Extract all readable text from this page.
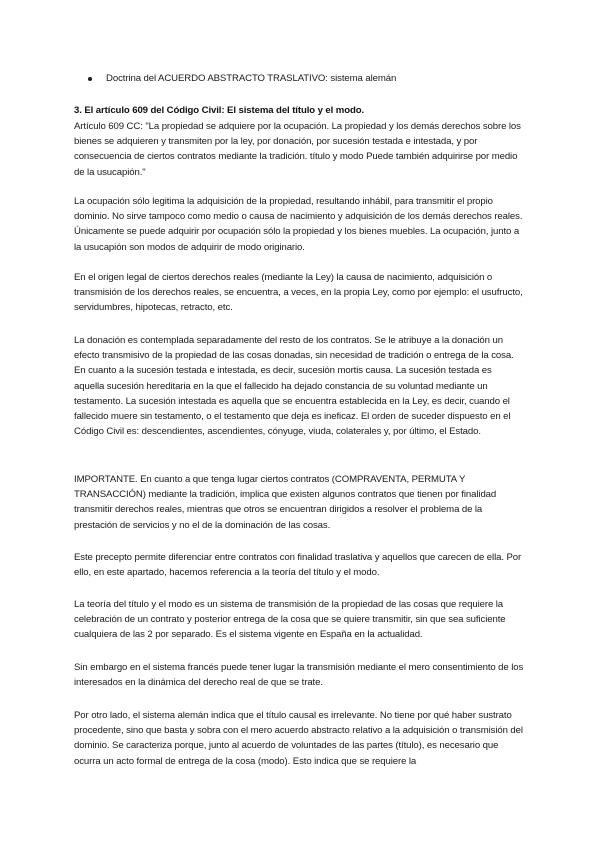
Doctrina del ACUERDO ABSTRACTO TRASLATIVO: sistema alemán
3. El artículo 609 del Código Civil: El sistema del título y el modo.
Artículo 609 CC: "La propiedad se adquiere por la ocupación. La propiedad y los demás derechos sobre los bienes se adquieren y transmiten por la ley, por donación, por sucesión testada e intestada, y por consecuencia de ciertos contratos mediante la tradición. título y modo Puede también adquirirse por medio de la usucapión."
La ocupación sólo legitima la adquisición de la propiedad, resultando inhábil, para transmitir el propio dominio. No sirve tampoco como medio o causa de nacimiento y adquisición de los demás derechos reales. Únicamente se puede adquirir por ocupación sólo la propiedad y los bienes muebles. La ocupación, junto a la usucapión son modos de adquirir de modo originario.
En el origen legal de ciertos derechos reales (mediante la Ley) la causa de nacimiento, adquisición o transmisión de los derechos reales, se encuentra, a veces, en la propia Ley, como por ejemplo: el usufructo, servidumbres, hipotecas, retracto, etc.
La donación es contemplada separadamente del resto de los contratos. Se le atribuye a la donación un efecto transmisivo de la propiedad de las cosas donadas, sin necesidad de tradición o entrega de la cosa. En cuanto a la sucesión testada e intestada, es decir, sucesión mortis causa. La sucesión testada es aquella sucesión hereditaria en la que el fallecido ha dejado constancia de su voluntad mediante un testamento. La sucesión intestada es aquella que se encuentra establecida en la Ley, es decir, cuando el fallecido muere sin testamento, o el testamento que deja es ineficaz. El orden de suceder dispuesto en el Código Civil es: descendientes, ascendientes, cónyuge, viuda, colaterales y, por último, el Estado.
IMPORTANTE. En cuanto a que tenga lugar ciertos contratos (COMPRAVENTA, PERMUTA Y TRANSACCIÓN) mediante la tradición, implica que existen algunos contratos que tienen por finalidad transmitir derechos reales, mientras que otros se encuentran dirigidos a resolver el problema de la prestación de servicios y no el de la dominación de las cosas.
Este precepto permite diferenciar entre contratos con finalidad traslativa y aquellos que carecen de ella. Por ello, en este apartado, hacemos referencia a la teoría del título y el modo.
La teoría del título y el modo es un sistema de transmisión de la propiedad de las cosas que requiere la celebración de un contrato y posterior entrega de la cosa que se quiere transmitir, sin que sea suficiente cualquiera de las 2 por separado. Es el sistema vigente en España en la actualidad.
Sin embargo en el sistema francés puede tener lugar la transmisión mediante el mero consentimiento de los interesados en la dinámica del derecho real de que se trate.
Por otro lado, el sistema alemán indica que el título causal es irrelevante. No tiene por qué haber sustrato procedente, sino que basta y sobra con el mero acuerdo abstracto relativo a la adquisición o transmisión del dominio. Se caracteriza porque, junto al acuerdo de voluntades de las partes (título), es necesario que ocurra un acto formal de entrega de la cosa (modo). Esto indica que se requiere la
